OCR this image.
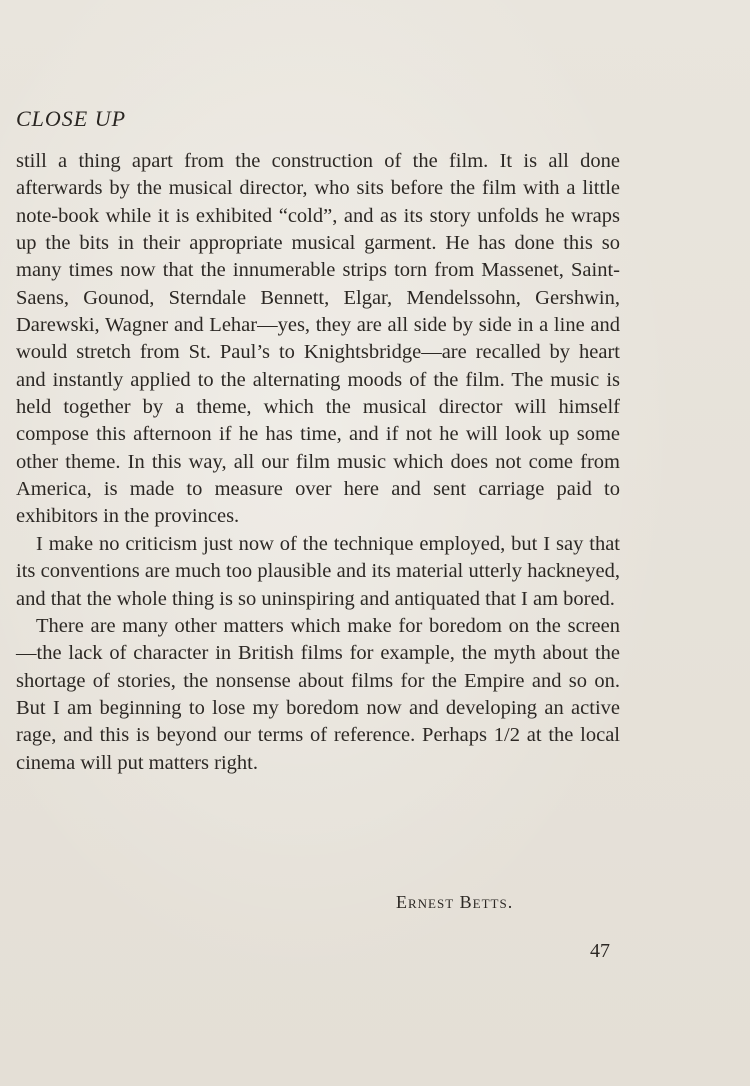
CLOSE UP

still a thing apart from the construction of the film. It is all done afterwards by the musical director, who sits before the film with a little note-book while it is exhibited “cold”, and as its story unfolds he wraps up the bits in their appropriate musical garment. He has done this so many times now that the innumerable strips torn from Massenet, Saint-Saens, Gounod, Sterndale Bennett, Elgar, Mendelssohn, Gershwin, Darewski, Wagner and Lehar—yes, they are all side by side in a line and would stretch from St. Paul’s to Knightsbridge—are recalled by heart and instantly applied to the alternating moods of the film. The music is held together by a theme, which the musical director will himself compose this afternoon if he has time, and if not he will look up some other theme. In this way, all our film music which does not come from America, is made to measure over here and sent carriage paid to exhibitors in the provinces.

I make no criticism just now of the technique employed, but I say that its conventions are much too plausible and its material utterly hackneyed, and that the whole thing is so uninspiring and antiquated that I am bored.

There are many other matters which make for boredom on the screen—the lack of character in British films for example, the myth about the shortage of stories, the nonsense about films for the Empire and so on. But I am beginning to lose my boredom now and developing an active rage, and this is beyond our terms of reference. Perhaps 1/2 at the local cinema will put matters right.

Ernest Betts.
47
